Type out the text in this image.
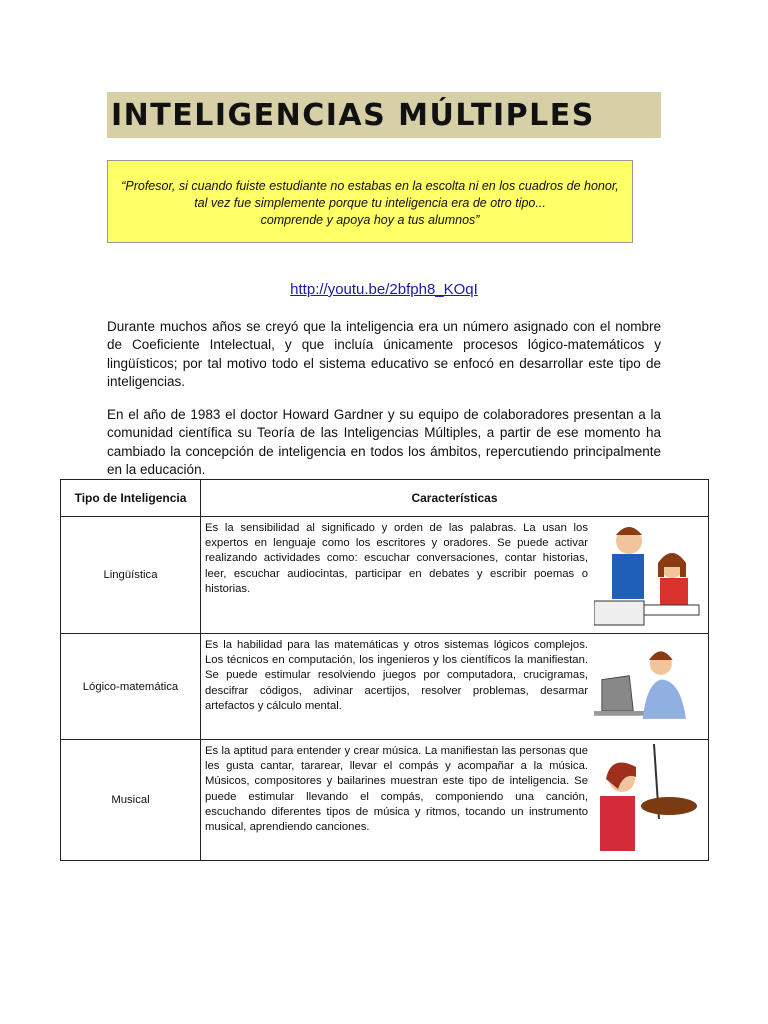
INTELIGENCIAS MÚLTIPLES
“Profesor, si cuando fuiste estudiante no estabas en la escolta ni en los cuadros de honor,
tal vez fue simplemente porque tu inteligencia era de otro tipo...
comprende y apoya hoy a tus alumnos”
http://youtu.be/2bfph8_KOqI
Durante muchos años se creyó que la inteligencia era un número asignado con el nombre de Coeficiente Intelectual, y que incluía únicamente procesos lógico-matemáticos y lingüísticos; por tal motivo todo el sistema educativo se enfocó en desarrollar este tipo de inteligencias.
En el año de 1983 el doctor Howard Gardner y su equipo de colaboradores presentan a la comunidad científica su Teoría de las Inteligencias Múltiples, a partir de ese momento ha cambiado la concepción de inteligencia en todos los ámbitos, repercutiendo principalmente en la educación.
Tipo de Inteligencia	Características
Lingüística	Es la sensibilidad al significado y orden de las palabras. La usan los expertos en lenguaje como los escritores y oradores. Se puede activar realizando actividades como: escuchar conversaciones, contar historias, leer, escuchar audiocintas, participar en debates y escribir poemas o historias.

Lógico-matemática	Es la habilidad para las matemáticas y otros sistemas lógicos complejos. Los técnicos en computación, los ingenieros y los científicos la manifiestan. Se puede estimular resolviendo juegos por computadora, crucigramas, descifrar códigos, adivinar acertijos, resolver problemas, desarmar artefactos y cálculo mental.

Musical	Es la aptitud para entender y crear música. La manifiestan las personas que les gusta cantar, tararear, llevar el compás y acompañar a la música. Músicos, compositores y bailarines muestran este tipo de inteligencia. Se puede estimular llevando el compás, componiendo una canción, escuchando diferentes tipos de música y ritmos, tocando un instrumento musical, aprendiendo canciones.
